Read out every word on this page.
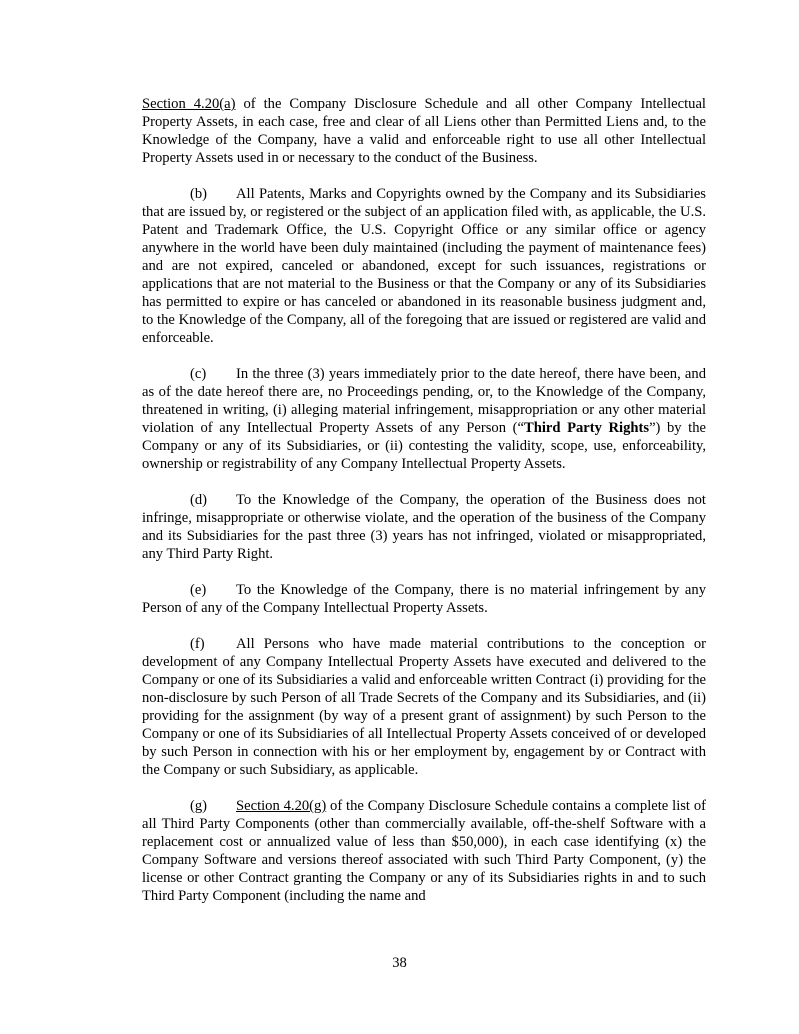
Section 4.20(a) of the Company Disclosure Schedule and all other Company Intellectual Property Assets, in each case, free and clear of all Liens other than Permitted Liens and, to the Knowledge of the Company, have a valid and enforceable right to use all other Intellectual Property Assets used in or necessary to the conduct of the Business.

(b) All Patents, Marks and Copyrights owned by the Company and its Subsidiaries that are issued by, or registered or the subject of an application filed with, as applicable, the U.S. Patent and Trademark Office, the U.S. Copyright Office or any similar office or agency anywhere in the world have been duly maintained (including the payment of maintenance fees) and are not expired, canceled or abandoned, except for such issuances, registrations or applications that are not material to the Business or that the Company or any of its Subsidiaries has permitted to expire or has canceled or abandoned in its reasonable business judgment and, to the Knowledge of the Company, all of the foregoing that are issued or registered are valid and enforceable.

(c) In the three (3) years immediately prior to the date hereof, there have been, and as of the date hereof there are, no Proceedings pending, or, to the Knowledge of the Company, threatened in writing, (i) alleging material infringement, misappropriation or any other material violation of any Intellectual Property Assets of any Person (“Third Party Rights”) by the Company or any of its Subsidiaries, or (ii) contesting the validity, scope, use, enforceability, ownership or registrability of any Company Intellectual Property Assets.

(d) To the Knowledge of the Company, the operation of the Business does not infringe, misappropriate or otherwise violate, and the operation of the business of the Company and its Subsidiaries for the past three (3) years has not infringed, violated or misappropriated, any Third Party Right.

(e) To the Knowledge of the Company, there is no material infringement by any Person of any of the Company Intellectual Property Assets.

(f) All Persons who have made material contributions to the conception or development of any Company Intellectual Property Assets have executed and delivered to the Company or one of its Subsidiaries a valid and enforceable written Contract (i) providing for the non-disclosure by such Person of all Trade Secrets of the Company and its Subsidiaries, and (ii) providing for the assignment (by way of a present grant of assignment) by such Person to the Company or one of its Subsidiaries of all Intellectual Property Assets conceived of or developed by such Person in connection with his or her employment by, engagement by or Contract with the Company or such Subsidiary, as applicable.

(g) Section 4.20(g) of the Company Disclosure Schedule contains a complete list of all Third Party Components (other than commercially available, off-the-shelf Software with a replacement cost or annualized value of less than $50,000), in each case identifying (x) the Company Software and versions thereof associated with such Third Party Component, (y) the license or other Contract granting the Company or any of its Subsidiaries rights in and to such Third Party Component (including the name and

38
